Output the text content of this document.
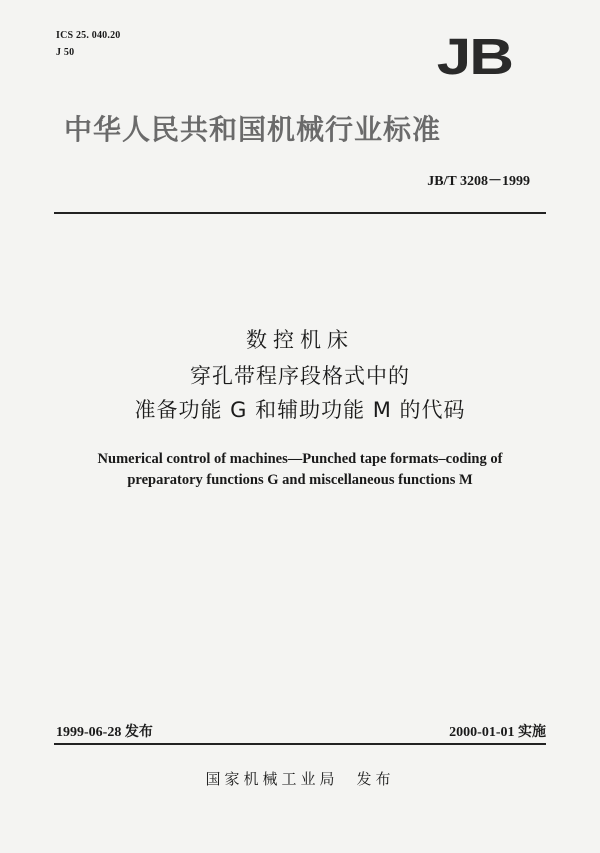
ICS 25. 040.20
J 50	JB
中华人民共和国机械行业标准
JB/T 3208－1999
数控机床
穿孔带程序段格式中的
准备功能 G 和辅助功能 M 的代码
Numerical control of machines—Punched tape formats–coding of
preparatory functions G and miscellaneous functions M
1999-06-28 发布	2000-01-01 实施
国家机械工业局 发布
